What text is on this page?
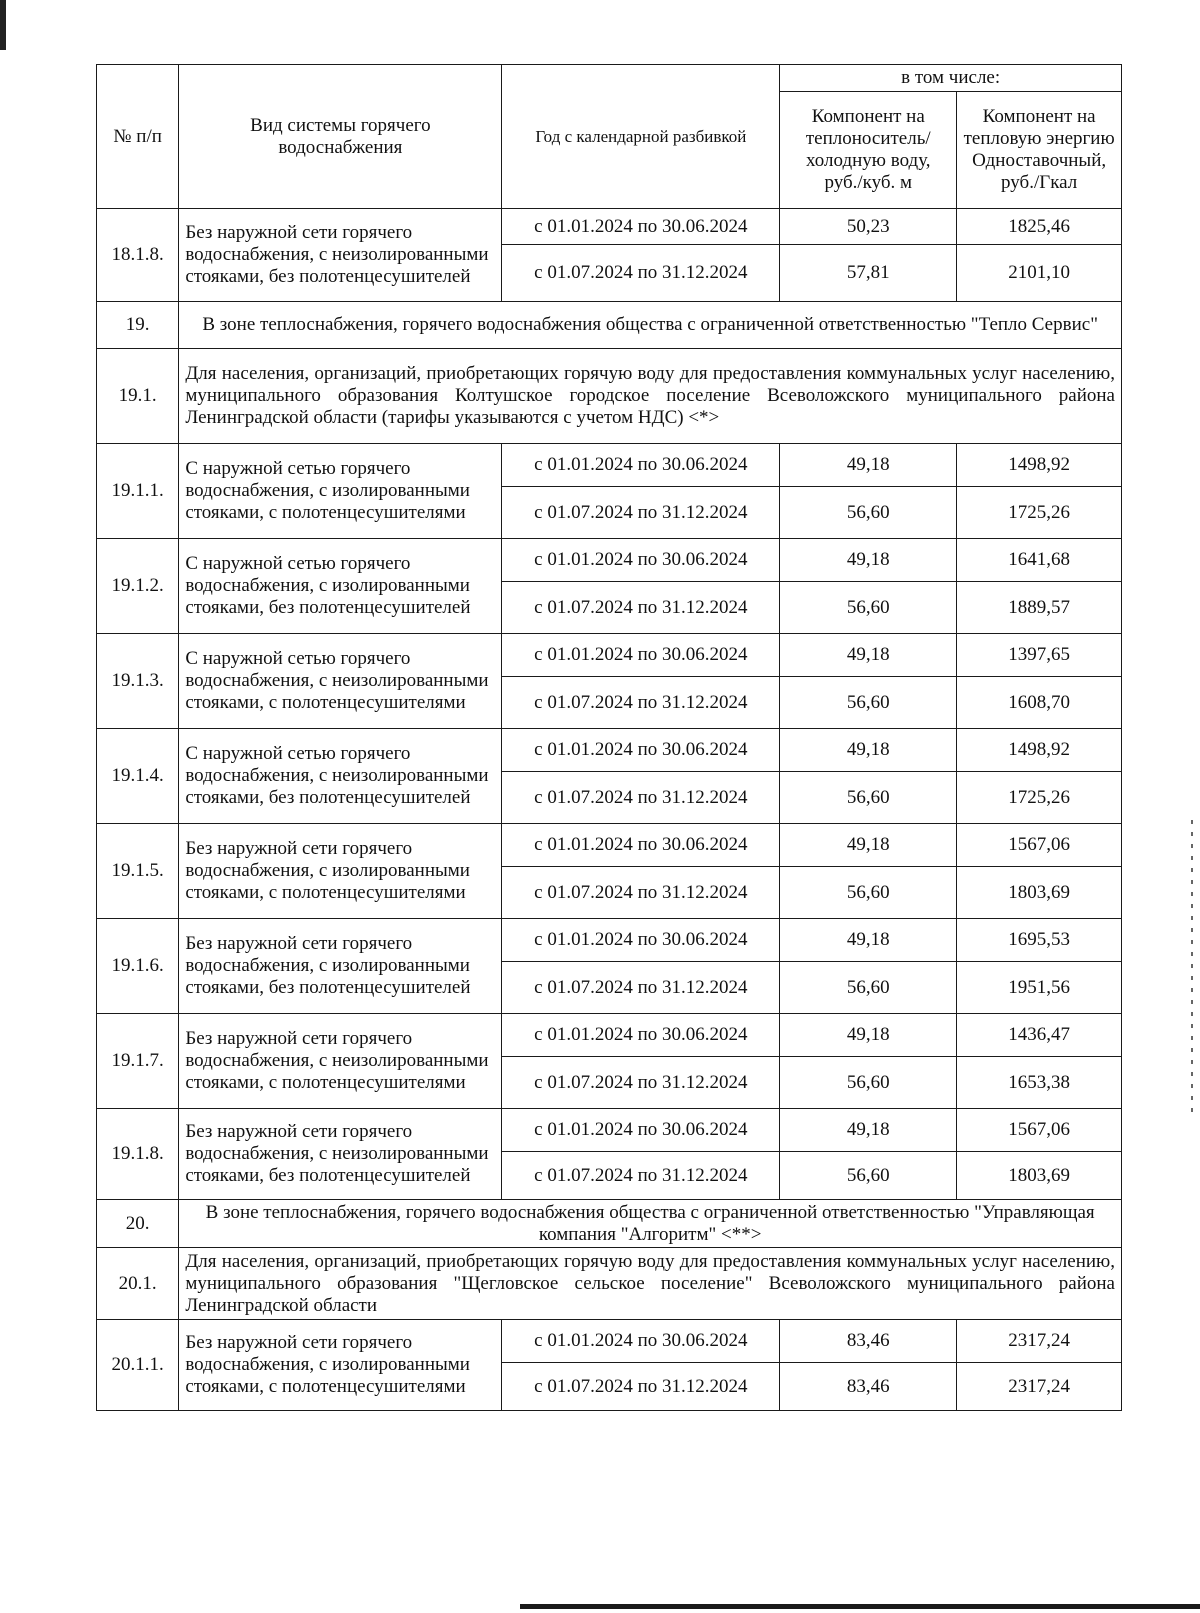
№ п/п	Вид системы горячего водоснабжения	Год с календарной разбивкой	в том числе:	
			Компонент на теплоноситель/ холодную воду, руб./куб. м	Компонент на тепловую энергию Одноставочный, руб./Гкал
18.1.8.	Без наружной сети горячего водоснабжения, с неизолированными стояками, без полотенцесушителей	с 01.01.2024 по 30.06.2024	50,23	1825,46
		с 01.07.2024 по 31.12.2024	57,81	2101,10
19.	В зоне теплоснабжения, горячего водоснабжения общества с ограниченной ответственностью "Тепло Сервис"			
19.1.	Для населения, организаций, приобретающих горячую воду для предоставления коммунальных услуг населению, муниципального образования Колтушское городское поселение Всеволожского муниципального района Ленинградской области (тарифы указываются с учетом НДС) <*>			
19.1.1.	С наружной сетью горячего водоснабжения, с изолированными стояками, с полотенцесушителями	с 01.01.2024 по 30.06.2024	49,18	1498,92
		с 01.07.2024 по 31.12.2024	56,60	1725,26
19.1.2.	С наружной сетью горячего водоснабжения, с изолированными стояками, без полотенцесушителей	с 01.01.2024 по 30.06.2024	49,18	1641,68
		с 01.07.2024 по 31.12.2024	56,60	1889,57
19.1.3.	С наружной сетью горячего водоснабжения, с неизолированными стояками, с полотенцесушителями	с 01.01.2024 по 30.06.2024	49,18	1397,65
		с 01.07.2024 по 31.12.2024	56,60	1608,70
19.1.4.	С наружной сетью горячего водоснабжения, с неизолированными стояками, без полотенцесушителей	с 01.01.2024 по 30.06.2024	49,18	1498,92
		с 01.07.2024 по 31.12.2024	56,60	1725,26
19.1.5.	Без наружной сети горячего водоснабжения, с изолированными стояками, с полотенцесушителями	с 01.01.2024 по 30.06.2024	49,18	1567,06
		с 01.07.2024 по 31.12.2024	56,60	1803,69
19.1.6.	Без наружной сети горячего водоснабжения, с изолированными стояками, без полотенцесушителей	с 01.01.2024 по 30.06.2024	49,18	1695,53
		с 01.07.2024 по 31.12.2024	56,60	1951,56
19.1.7.	Без наружной сети горячего водоснабжения, с неизолированными стояками, с полотенцесушителями	с 01.01.2024 по 30.06.2024	49,18	1436,47
		с 01.07.2024 по 31.12.2024	56,60	1653,38
19.1.8.	Без наружной сети горячего водоснабжения, с неизолированными стояками, без полотенцесушителей	с 01.01.2024 по 30.06.2024	49,18	1567,06
		с 01.07.2024 по 31.12.2024	56,60	1803,69
20.	В зоне теплоснабжения, горячего водоснабжения общества с ограниченной ответственностью "Управляющая компания "Алгоритм" <**>			
20.1.	Для населения, организаций, приобретающих горячую воду для предоставления коммунальных услуг населению, муниципального образования "Щегловское сельское поселение" Всеволожского муниципального района Ленинградской области			
20.1.1.	Без наружной сети горячего водоснабжения, с изолированными стояками, с полотенцесушителями	с 01.01.2024 по 30.06.2024	83,46	2317,24
		с 01.07.2024 по 31.12.2024	83,46	2317,24
